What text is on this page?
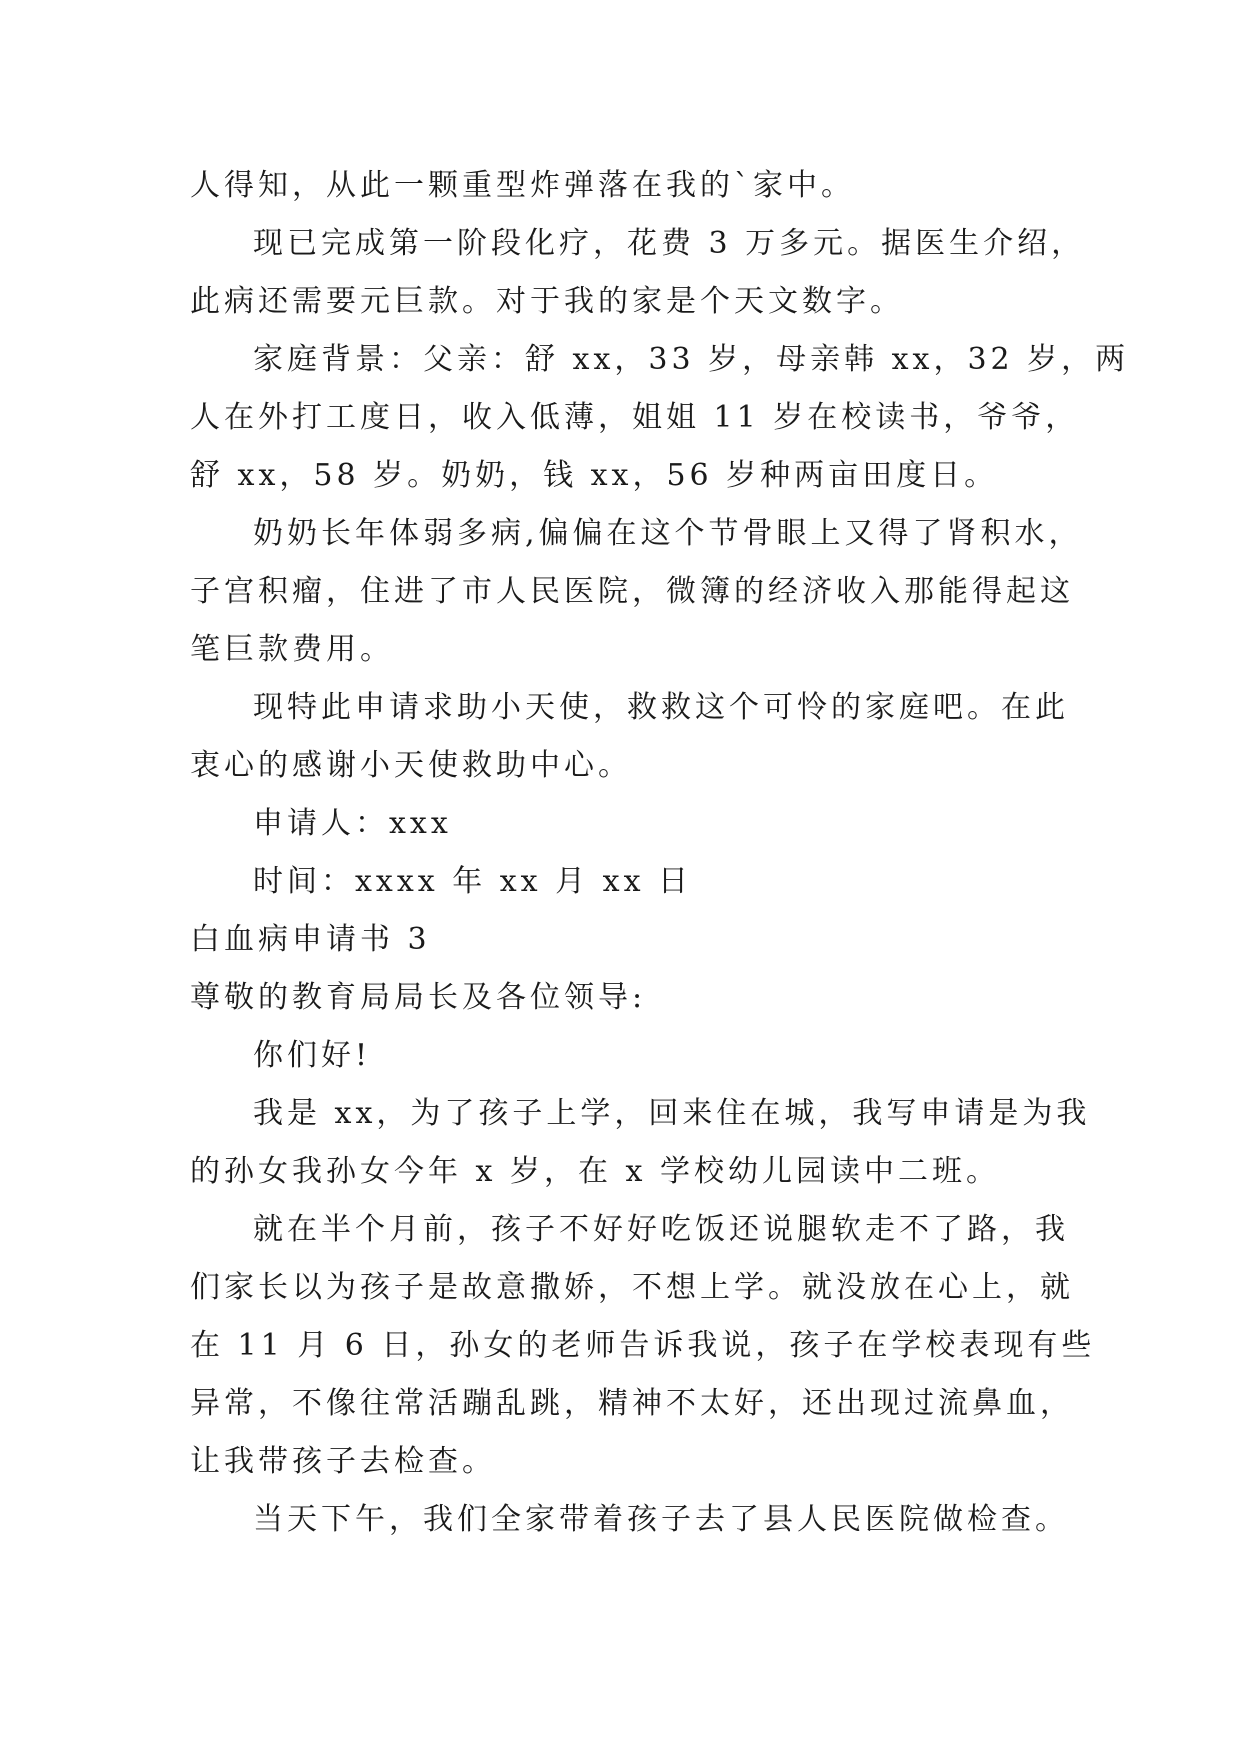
人得知，从此一颗重型炸弹落在我的`家中。
现已完成第一阶段化疗，花费 3 万多元。据医生介绍，
此病还需要元巨款。对于我的家是个天文数字。
家庭背景：父亲：舒 xx，33 岁，母亲韩 xx，32 岁，两
人在外打工度日，收入低薄，姐姐 11 岁在校读书，爷爷，
舒 xx，58 岁。奶奶，钱 xx，56 岁种两亩田度日。
奶奶长年体弱多病,偏偏在这个节骨眼上又得了肾积水，
子宫积瘤，住进了市人民医院，微簿的经济收入那能得起这
笔巨款费用。
现特此申请求助小天使，救救这个可怜的家庭吧。在此
衷心的感谢小天使救助中心。
申请人：xxx
时间：xxxx 年 xx 月 xx 日
白血病申请书 3
尊敬的教育局局长及各位领导:
你们好!
我是 xx，为了孩子上学，回来住在城，我写申请是为我
的孙女我孙女今年 x 岁，在 x 学校幼儿园读中二班。
就在半个月前，孩子不好好吃饭还说腿软走不了路，我
们家长以为孩子是故意撒娇，不想上学。就没放在心上，就
在 11 月 6 日，孙女的老师告诉我说，孩子在学校表现有些
异常，不像往常活蹦乱跳，精神不太好，还出现过流鼻血，
让我带孩子去检查。
当天下午，我们全家带着孩子去了县人民医院做检查。
